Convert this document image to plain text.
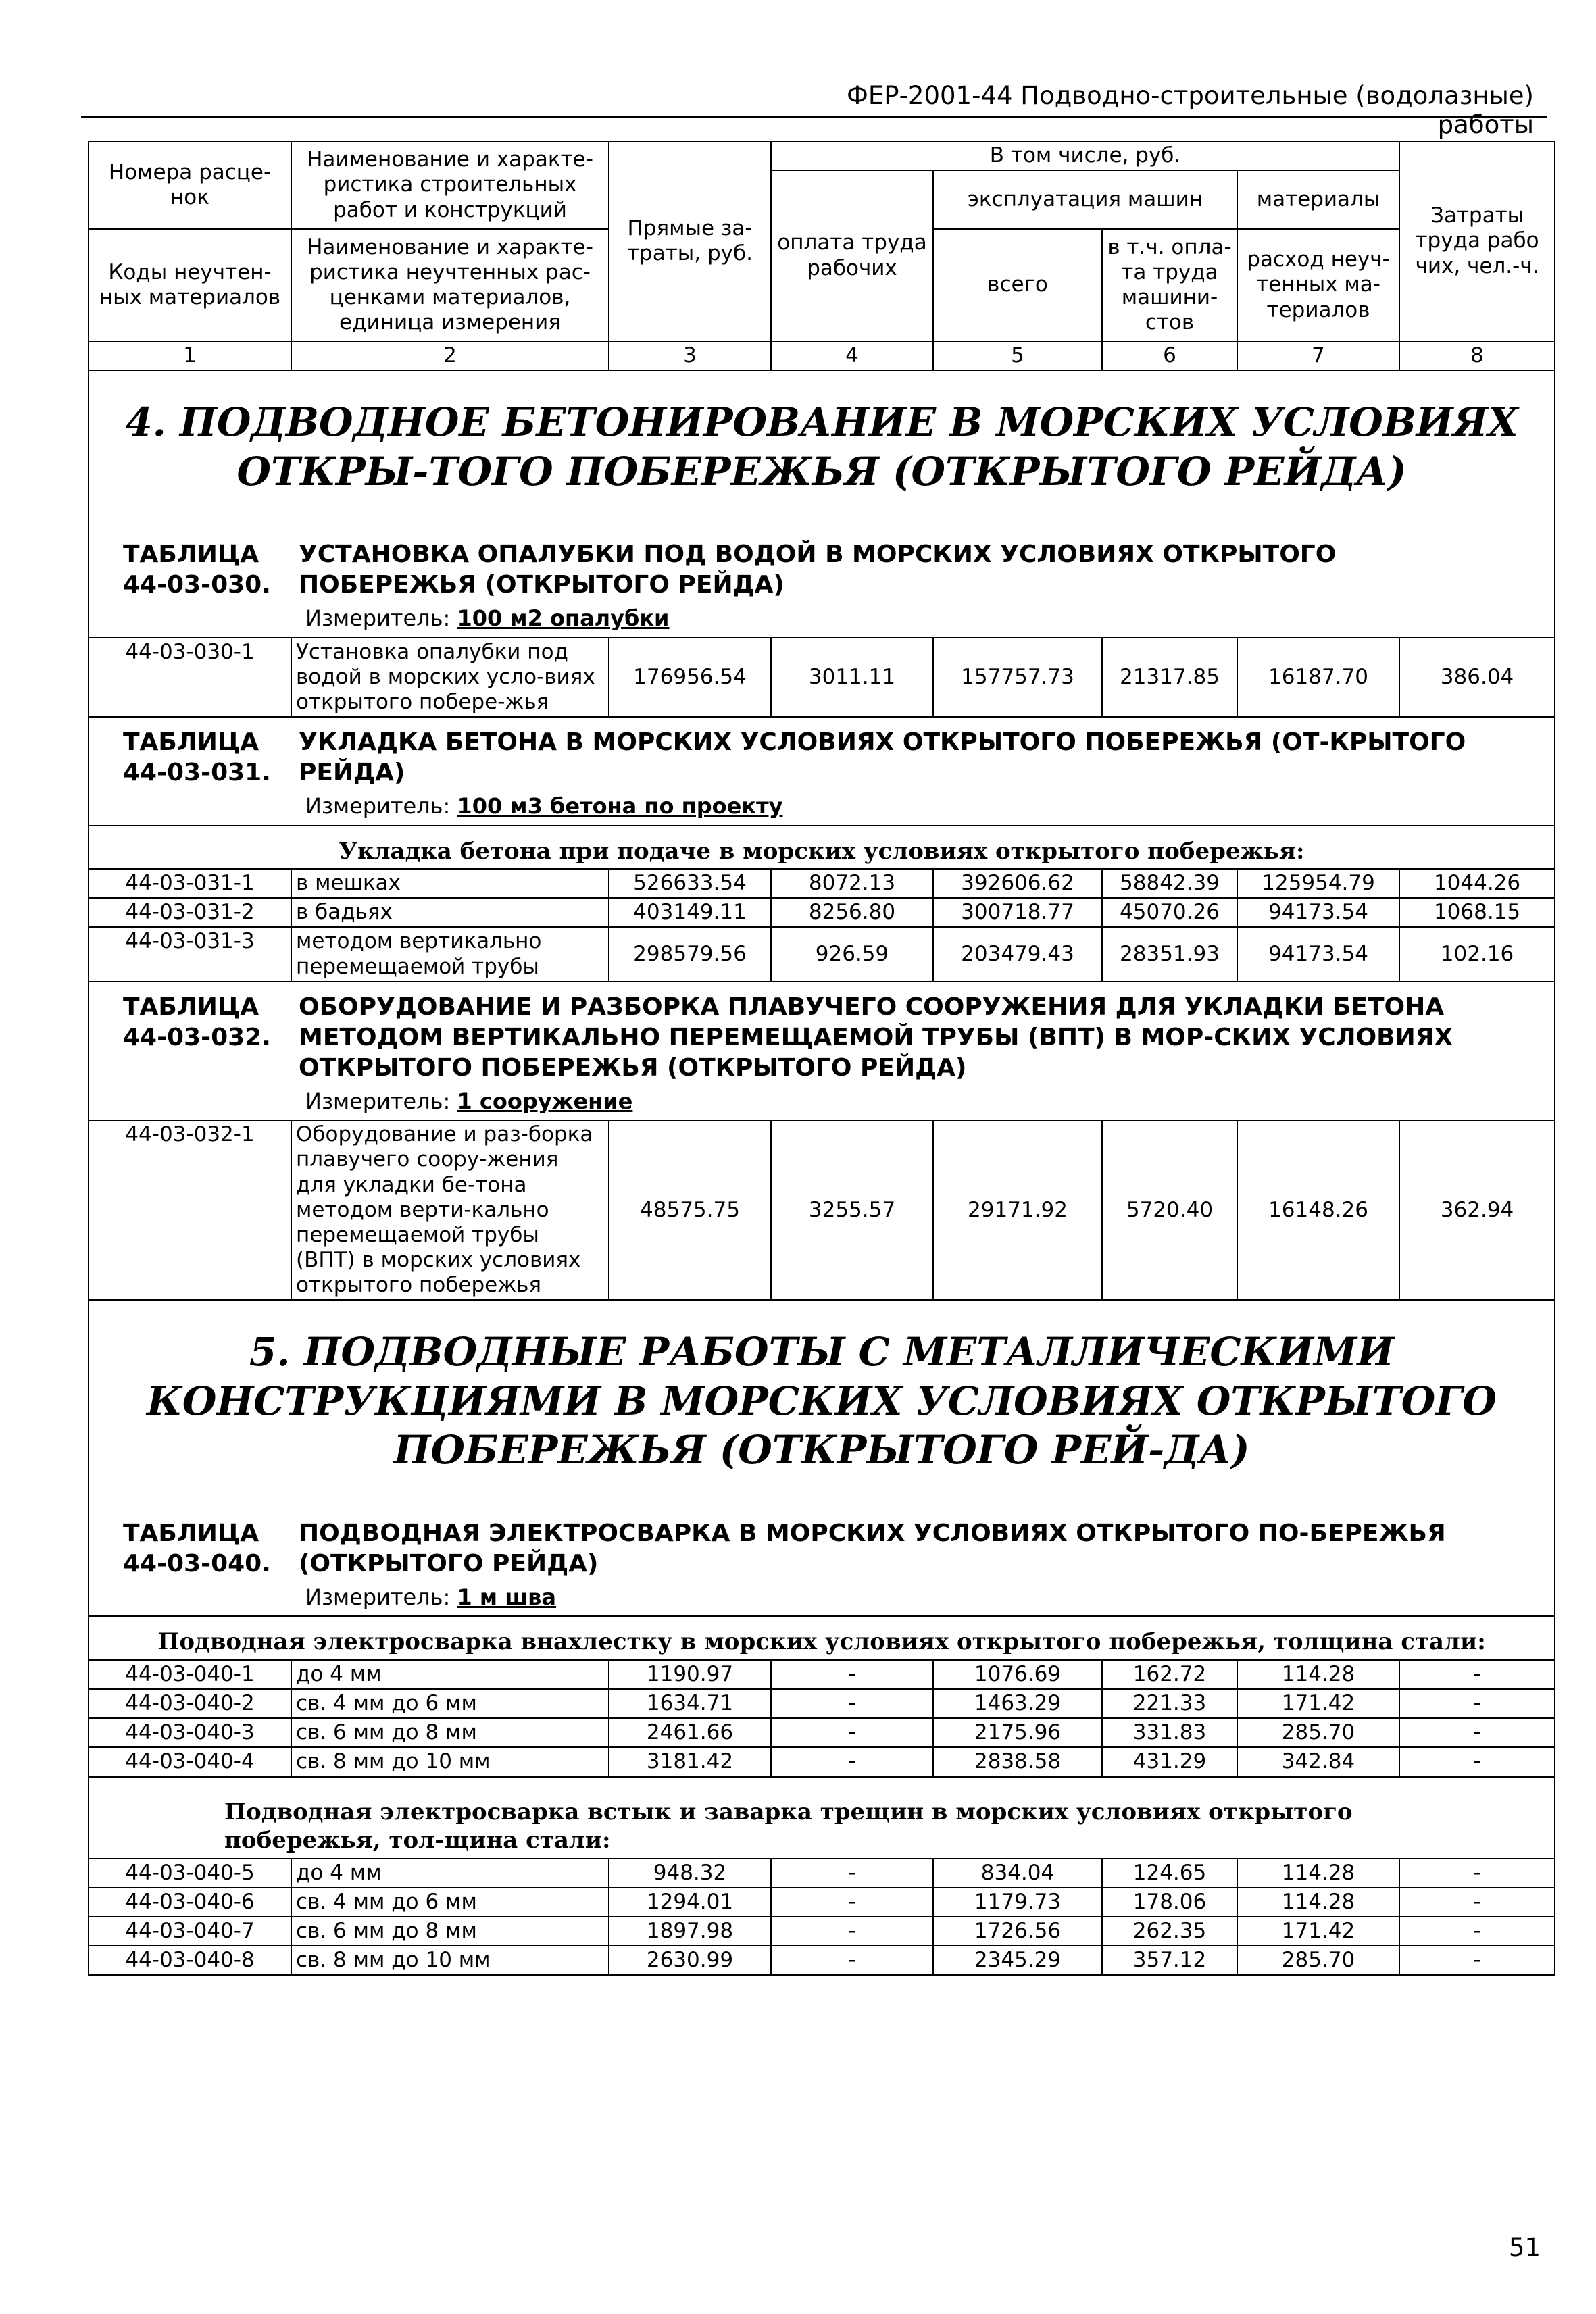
ФЕР-2001-44 Подводно-строительные (водолазные) работы
Номера расце-нок	Наименование и характе-ристика строительных работ и конструкций	Прямые за-траты, руб.	В том числе, руб.				Затраты труда рабо чих, чел.-ч.
			оплата труда рабочих	эксплуатация машин		материалы	
Коды неучтен-ных материалов	Наименование и характе-ристика неучтенных рас-ценками материалов, единица измерения			всего	в т.ч. опла-та труда машини-стов	расход неуч-тенных ма-териалов	

1	2	3	4	5	6	7	8
4. ПОДВОДНОЕ БЕТОНИРОВАНИЕ В МОРСКИХ УСЛОВИЯХ ОТКРЫ-ТОГО ПОБЕРЕЖЬЯ (ОТКРЫТОГО РЕЙДА)							
ТАБЛИЦА 44-03-030.УСТАНОВКА ОПАЛУБКИ ПОД ВОДОЙ В МОРСКИХ УСЛОВИЯХ ОТКРЫТОГО ПОБЕРЕЖЬЯ (ОТКРЫТОГО РЕЙДА)							
Измеритель: 100 м2 опалубки							
44-03-030-1	Установка опалубки под водой в морских усло-виях открытого побере-жья	176956.54	3011.11	157757.73	21317.85	16187.70	386.04
ТАБЛИЦА 44-03-031.УКЛАДКА БЕТОНА В МОРСКИХ УСЛОВИЯХ ОТКРЫТОГО ПОБЕРЕЖЬЯ (ОТ-КРЫТОГО РЕЙДА)							
Измеритель: 100 м3 бетона по проекту							
Укладка бетона при подаче в морских условиях открытого побережья:							
44-03-031-1	в мешках	526633.54	8072.13	392606.62	58842.39	125954.79	1044.26
44-03-031-2	в бадьях	403149.11	8256.80	300718.77	45070.26	94173.54	1068.15
44-03-031-3	методом вертикально перемещаемой трубы	298579.56	926.59	203479.43	28351.93	94173.54	102.16
ТАБЛИЦА 44-03-032.ОБОРУДОВАНИЕ И РАЗБОРКА ПЛАВУЧЕГО СООРУЖЕНИЯ ДЛЯ УКЛАДКИ БЕТОНА МЕТОДОМ ВЕРТИКАЛЬНО ПЕРЕМЕЩАЕМОЙ ТРУБЫ (ВПТ) В МОР-СКИХ УСЛОВИЯХ ОТКРЫТОГО ПОБЕРЕЖЬЯ (ОТКРЫТОГО РЕЙДА)							
Измеритель: 1 сооружение							
44-03-032-1	Оборудование и раз-борка плавучего соору-жения для укладки бе-тона методом верти-кально перемещаемой трубы (ВПТ) в морских условиях открытого побережья	48575.75	3255.57	29171.92	5720.40	16148.26	362.94
5. ПОДВОДНЫЕ РАБОТЫ С МЕТАЛЛИЧЕСКИМИ КОНСТРУКЦИЯМИ В МОРСКИХ УСЛОВИЯХ ОТКРЫТОГО ПОБЕРЕЖЬЯ (ОТКРЫТОГО РЕЙ-ДА)							
ТАБЛИЦА 44-03-040.ПОДВОДНАЯ ЭЛЕКТРОСВАРКА В МОРСКИХ УСЛОВИЯХ ОТКРЫТОГО ПО-БЕРЕЖЬЯ (ОТКРЫТОГО РЕЙДА)							
Измеритель: 1 м шва							
Подводная электросварка внахлестку в морских условиях открытого побережья, толщина стали:							
44-03-040-1	до 4 мм	1190.97	-	1076.69	162.72	114.28	-
44-03-040-2	св. 4 мм до 6 мм	1634.71	-	1463.29	221.33	171.42	-
44-03-040-3	св. 6 мм до 8 мм	2461.66	-	2175.96	331.83	285.70	-
44-03-040-4	св. 8 мм до 10 мм	3181.42	-	2838.58	431.29	342.84	-
Подводная электросварка встык и заварка трещин в морских условиях открытого побережья, тол-щина стали:							
44-03-040-5	до 4 мм	948.32	-	834.04	124.65	114.28	-
44-03-040-6	св. 4 мм до 6 мм	1294.01	-	1179.73	178.06	114.28	-
44-03-040-7	св. 6 мм до 8 мм	1897.98	-	1726.56	262.35	171.42	-
44-03-040-8	св. 8 мм до 10 мм	2630.99	-	2345.29	357.12	285.70	-
51
